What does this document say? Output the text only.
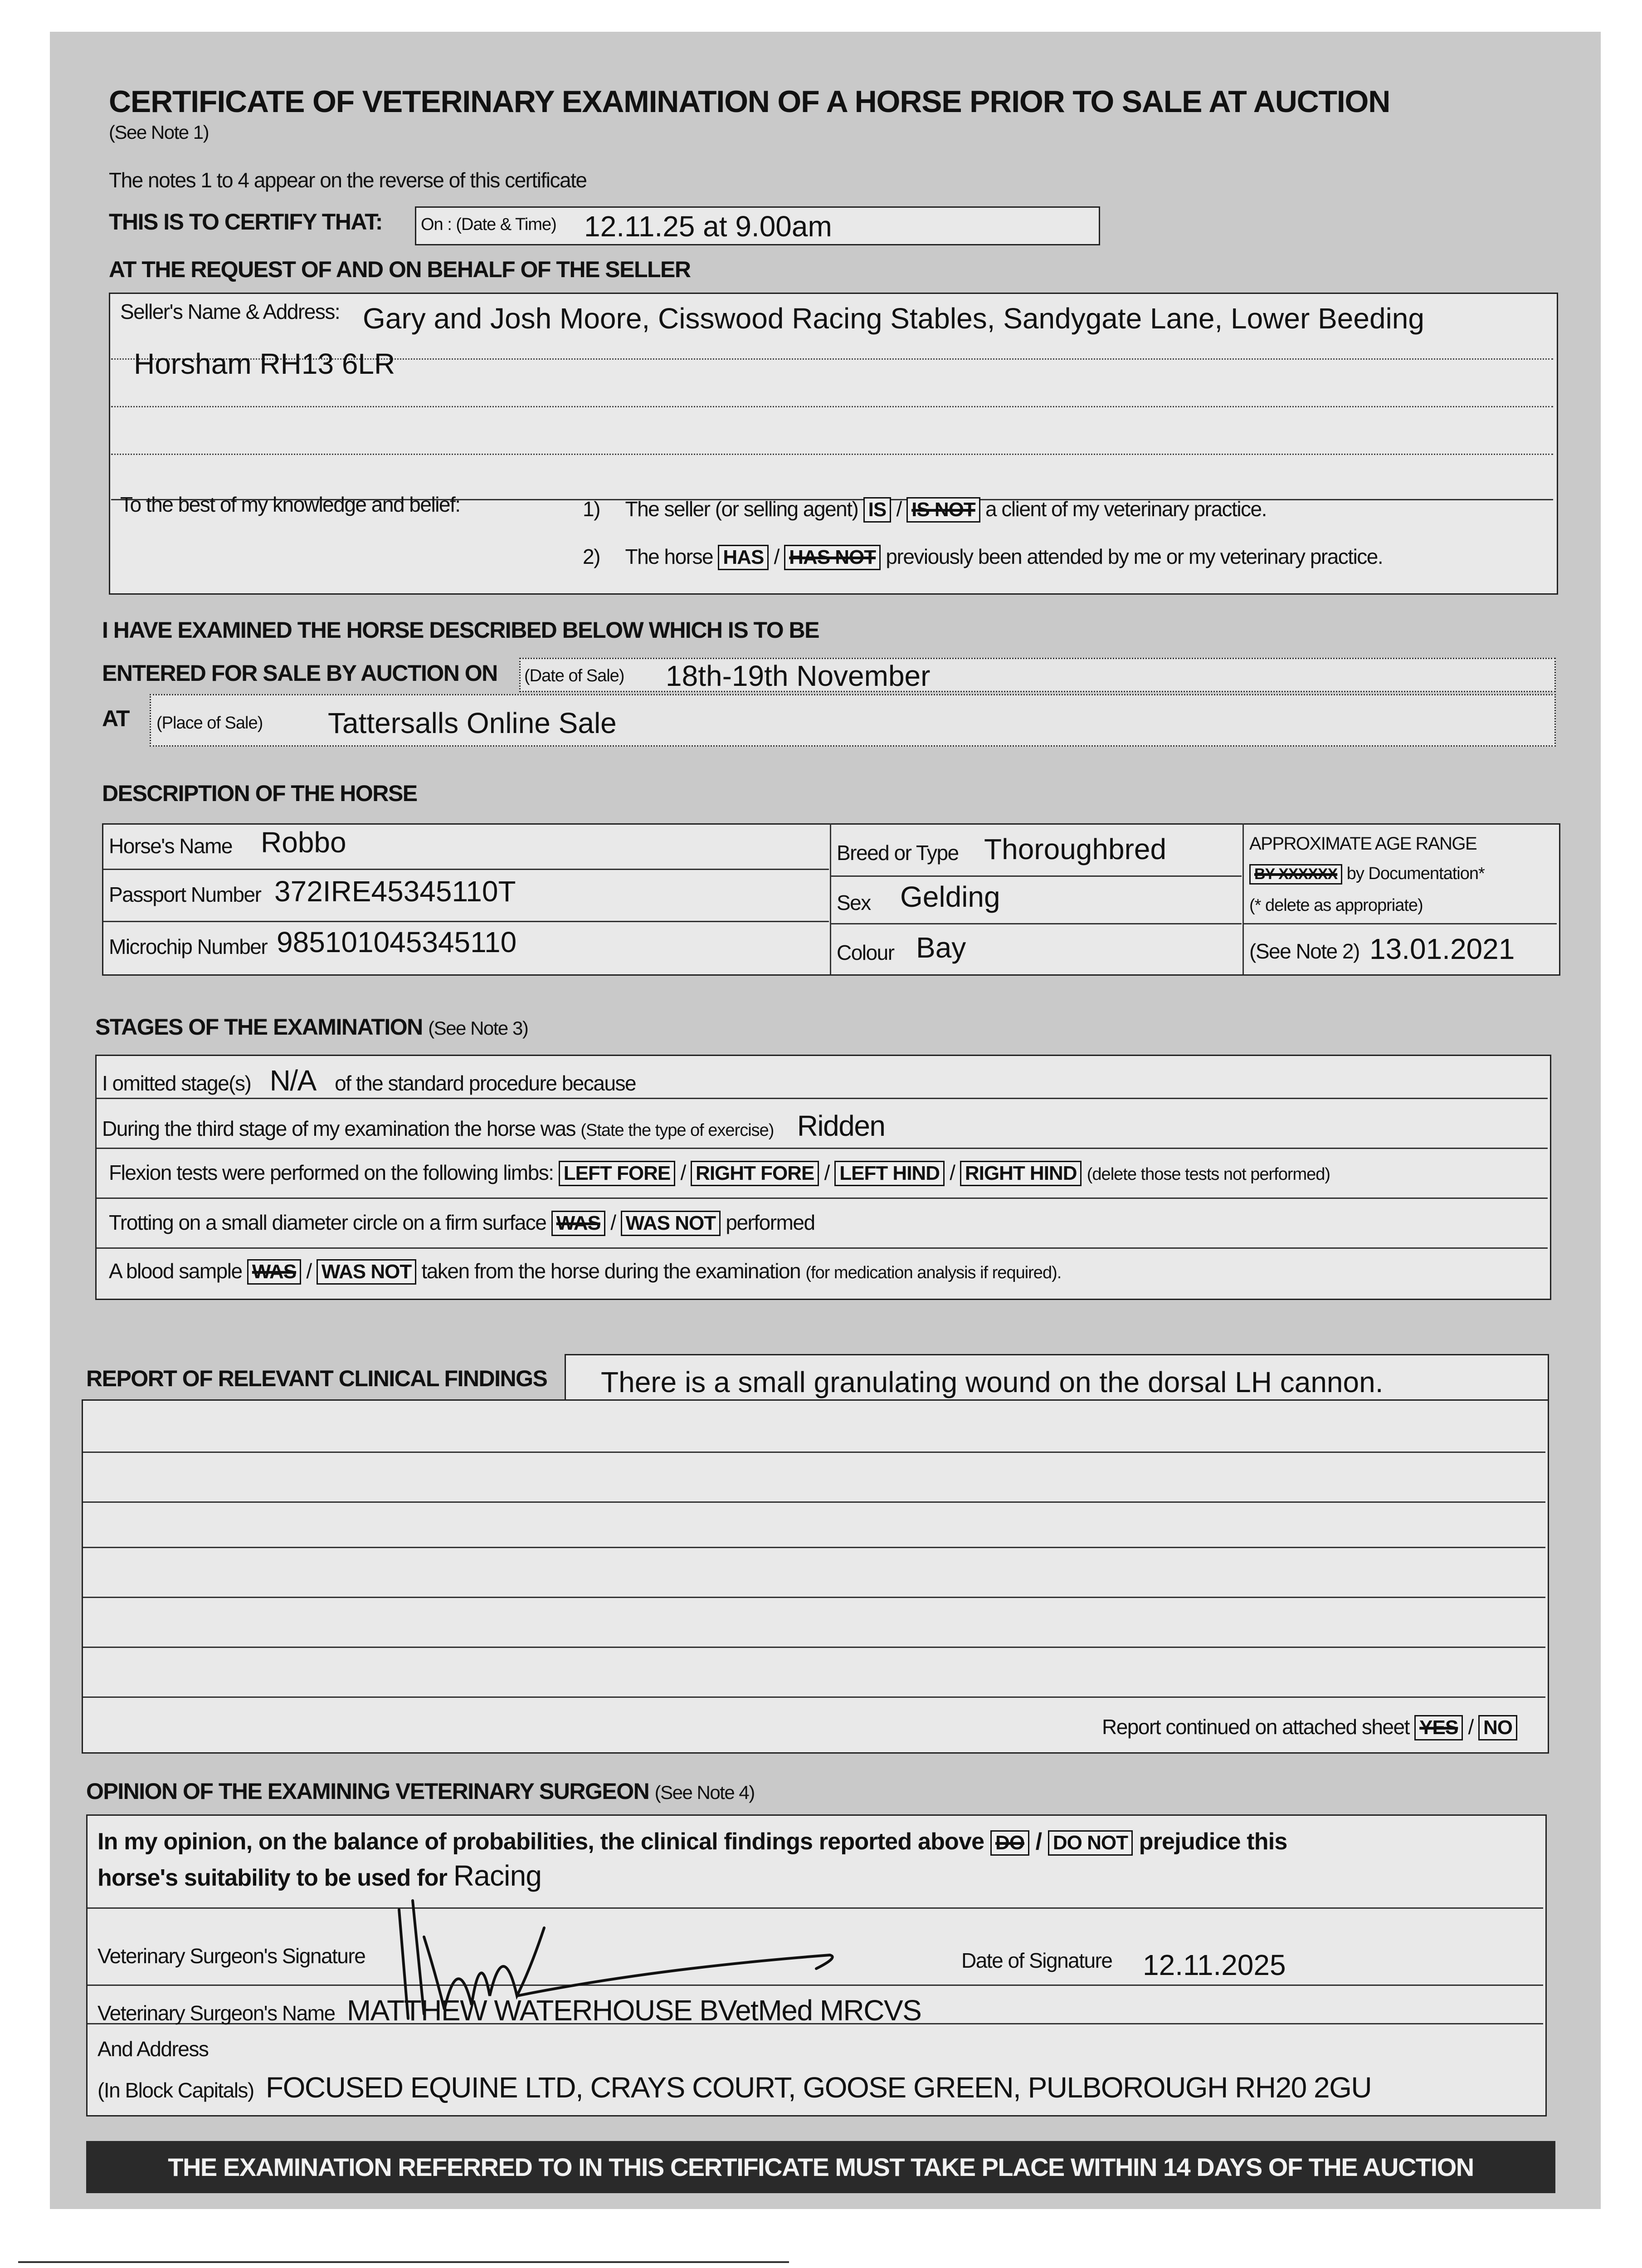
CERTIFICATE OF VETERINARY EXAMINATION OF A HORSE PRIOR TO SALE AT AUCTION
(See Note 1)
The notes 1 to 4 appear on the reverse of this certificate
THIS IS TO CERTIFY THAT: On : (Date & Time) 12.11.25 at 9.00am
AT THE REQUEST OF AND ON BEHALF OF THE SELLER
Seller's Name & Address: Gary and Josh Moore, Cisswood Racing Stables, Sandygate Lane, Lower Beeding
Horsham RH13 6LR
To the best of my knowledge and belief:	1) The seller (or selling agent) IS / IS NOT a client of my veterinary practice.
2) The horse HAS / HAS NOT previously been attended by me or my veterinary practice.
I HAVE EXAMINED THE HORSE DESCRIBED BELOW WHICH IS TO BE
ENTERED FOR SALE BY AUCTION ON (Date of Sale) 18th-19th November
AT (Place of Sale) Tattersalls Online Sale
DESCRIPTION OF THE HORSE
Horse's Name Robbo
Passport Number 372IRE45345110T
Microchip Number 985101045345110
Breed or Type Thoroughbred
Sex Gelding
Colour Bay
APPROXIMATE AGE RANGE
BY XXXXXX by Documentation*
(* delete as appropriate)
(See Note 2) 13.01.2021
STAGES OF THE EXAMINATION (See Note 3)
I omitted stage(s) N/A of the standard procedure because
During the third stage of my examination the horse was (State the type of exercise) Ridden
Flexion tests were performed on the following limbs: LEFT FORE / RIGHT FORE / LEFT HIND / RIGHT HIND (delete those tests not performed)
Trotting on a small diameter circle on a firm surface WAS / WAS NOT performed
A blood sample WAS / WAS NOT taken from the horse during the examination (for medication analysis if required).
REPORT OF RELEVANT CLINICAL FINDINGS There is a small granulating wound on the dorsal LH cannon.
Report continued on attached sheet YES / NO
OPINION OF THE EXAMINING VETERINARY SURGEON (See Note 4)
In my opinion, on the balance of probabilities, the clinical findings reported above DO / DO NOT prejudice this
horse's suitability to be used for Racing
Veterinary Surgeon's Signature	Date of Signature 12.11.2025
Veterinary Surgeon's Name MATTHEW WATERHOUSE BVetMed MRCVS
And Address
(In Block Capitals) FOCUSED EQUINE LTD, CRAYS COURT, GOOSE GREEN, PULBOROUGH RH20 2GU
THE EXAMINATION REFERRED TO IN THIS CERTIFICATE MUST TAKE PLACE WITHIN 14 DAYS OF THE AUCTION
